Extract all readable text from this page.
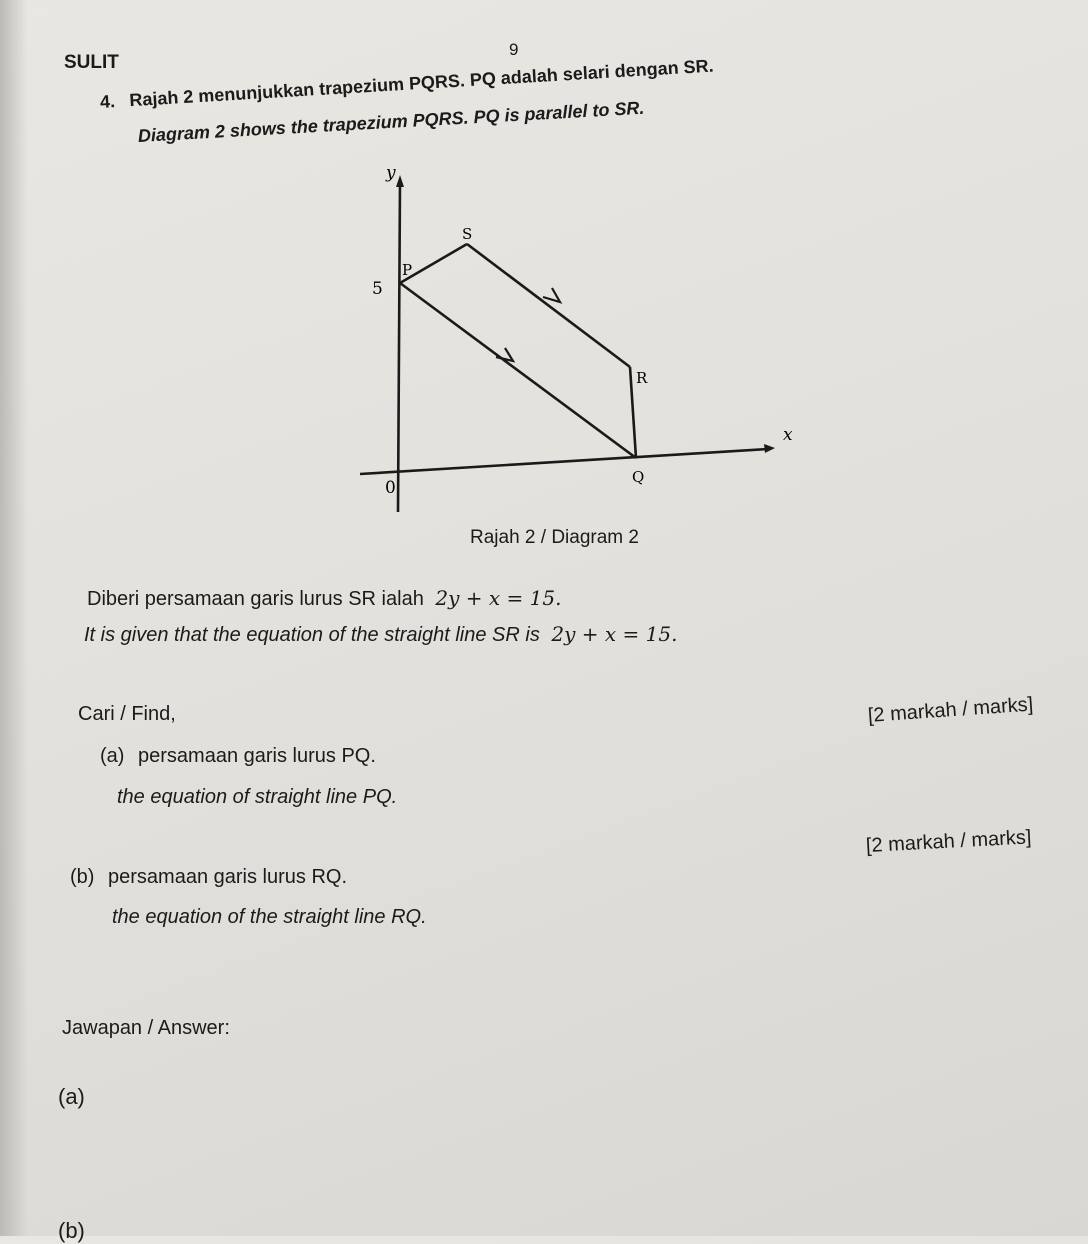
SULIT
9
4. Rajah 2 menunjukkan trapezium PQRS. PQ adalah selari dengan SR.
Diagram 2 shows the trapezium PQRS. PQ is parallel to SR.
y
x
0
5
P
S
R
Q
Rajah 2 / Diagram 2
Diberi persamaan garis lurus SR ialah 2y + x = 15.
It is given that the equation of the straight line SR is 2y + x = 15.
Cari / Find,	[2 markah / marks]
(a) persamaan garis lurus PQ.
the equation of straight line PQ.
[2 markah / marks]
(b) persamaan garis lurus RQ.
the equation of the straight line RQ.
Jawapan / Answer:
(a)
(b)
